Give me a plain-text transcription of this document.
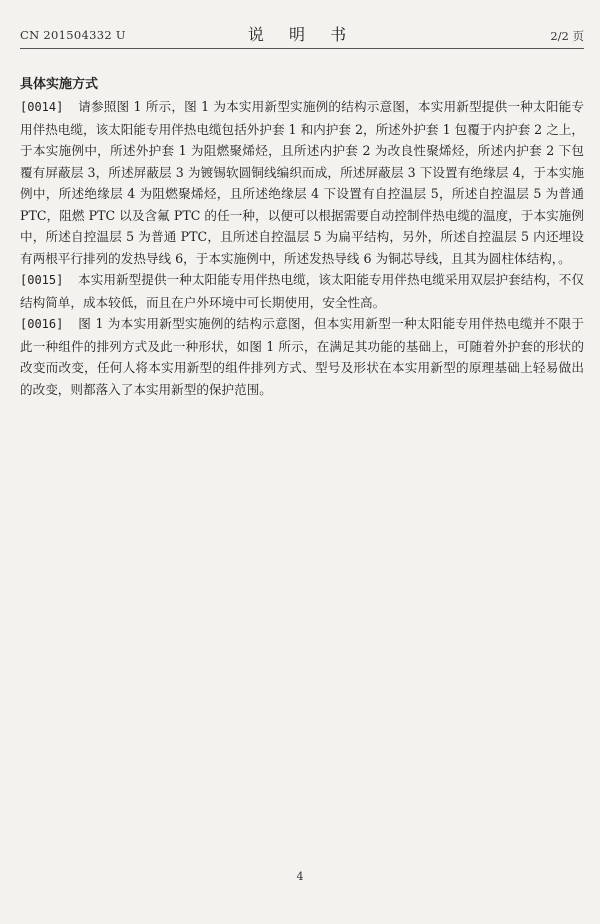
CN 201504332 U	说 明 书	2/2 页
具体实施方式

[0014] 请参照图 1 所示，图 1 为本实用新型实施例的结构示意图，本实用新型提供一种太阳能专用伴热电缆，该太阳能专用伴热电缆包括外护套 1 和内护套 2，所述外护套 1 包覆于内护套 2 之上，于本实施例中，所述外护套 1 为阻燃聚烯烃，且所述内护套 2 为改良性聚烯烃，所述内护套 2 下包覆有屏蔽层 3，所述屏蔽层 3 为镀锡软圆铜线编织而成，所述屏蔽层 3 下设置有绝缘层 4，于本实施例中，所述绝缘层 4 为阻燃聚烯烃，且所述绝缘层 4 下设置有自控温层 5，所述自控温层 5 为普通 PTC，阻燃 PTC 以及含氟 PTC 的任一种，以便可以根据需要自动控制伴热电缆的温度，于本实施例中，所述自控温层 5 为普通 PTC，且所述自控温层 5 为扁平结构，另外，所述自控温层 5 内还埋设有两根平行排列的发热导线 6，于本实施例中，所述发热导线 6 为铜芯导线，且其为圆柱体结构，。

[0015] 本实用新型提供一种太阳能专用伴热电缆，该太阳能专用伴热电缆采用双层护套结构，不仅结构简单，成本较低，而且在户外环境中可长期使用，安全性高。

[0016] 图 1 为本实用新型实施例的结构示意图，但本实用新型一种太阳能专用伴热电缆并不限于此一种组件的排列方式及此一种形状，如图 1 所示，在满足其功能的基础上，可随着外护套的形状的改变而改变，任何人将本实用新型的组件排列方式、型号及形状在本实用新型的原理基础上轻易做出的改变，则都落入了本实用新型的保护范围。

4
